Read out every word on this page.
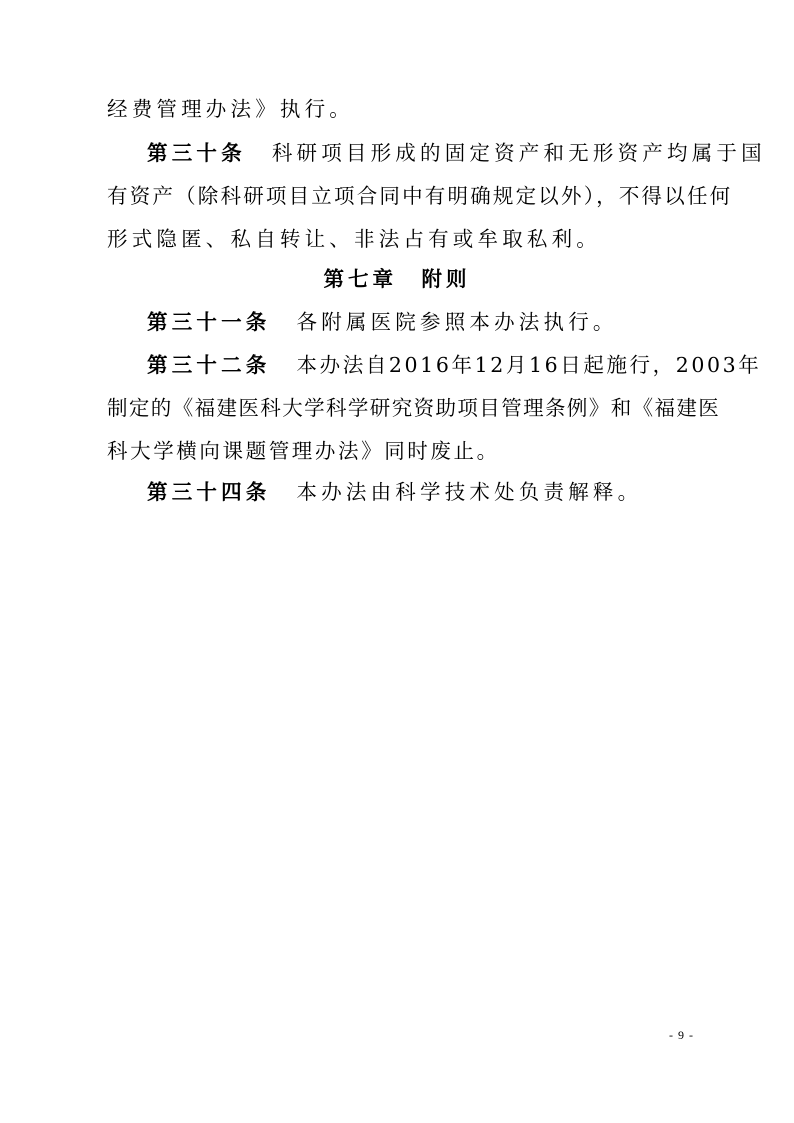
经费管理办法》执行。
第三十条 科研项目形成的固定资产和无形资产均属于国
有资产（除科研项目立项合同中有明确规定以外），不得以任何
形式隐匿、私自转让、非法占有或牟取私利。
第七章　附则
第三十一条 各附属医院参照本办法执行。
第三十二条 本办法自2016年12月16日起施行，2003年
制定的《福建医科大学科学研究资助项目管理条例》和《福建医
科大学横向课题管理办法》同时废止。
第三十四条 本办法由科学技术处负责解释。
- 9 -
